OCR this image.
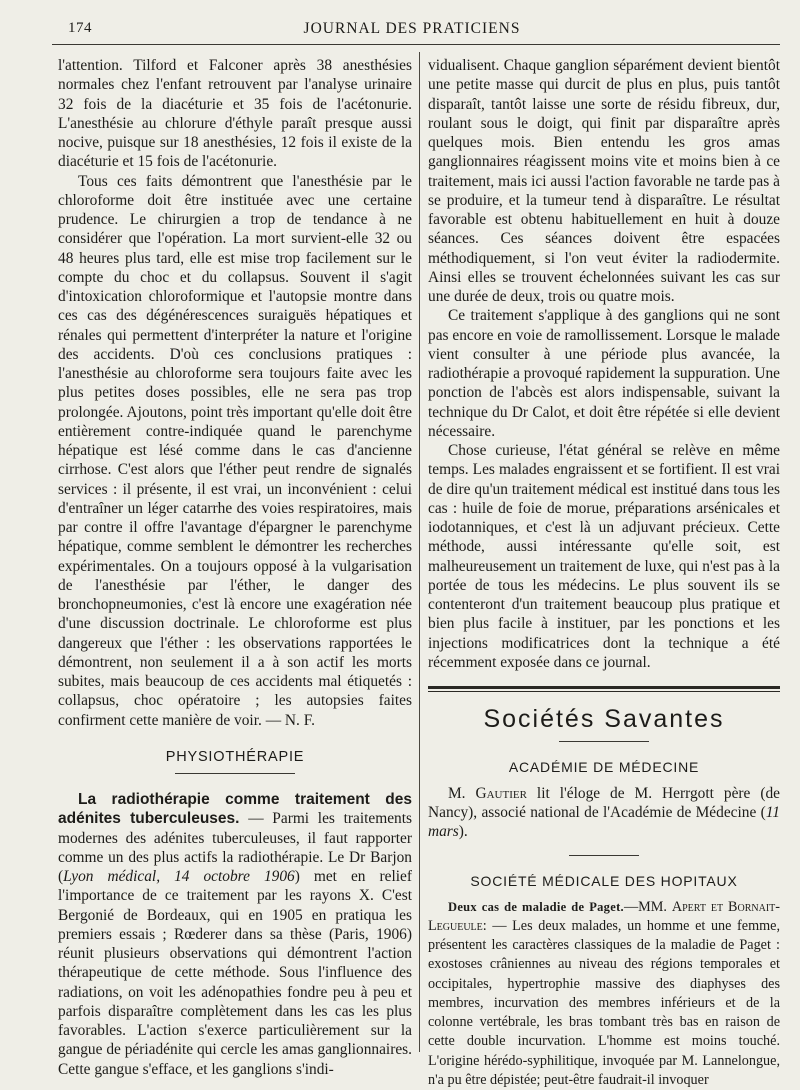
174	JOURNAL DES PRATICIENS

l'attention. Tilford et Falconer après 38 anesthésies normales chez l'enfant retrouvent par l'analyse urinaire 32 fois de la diacéturie et 35 fois de l'acétonurie. L'anesthésie au chlorure d'éthyle paraît presque aussi nocive, puisque sur 18 anesthésies, 12 fois il existe de la diacéturie et 15 fois de l'acétonurie.

Tous ces faits démontrent que l'anesthésie par le chloroforme doit être instituée avec une certaine prudence. Le chirurgien a trop de tendance à ne considérer que l'opération. La mort survient-elle 32 ou 48 heures plus tard, elle est mise trop facilement sur le compte du choc et du collapsus. Souvent il s'agit d'intoxication chloroformique et l'autopsie montre dans ces cas des dégénérescences suraiguës hépatiques et rénales qui permettent d'interpréter la nature et l'origine des accidents. D'où ces conclusions pratiques : l'anesthésie au chloroforme sera toujours faite avec les plus petites doses possibles, elle ne sera pas trop prolongée. Ajoutons, point très important qu'elle doit être entièrement contre-indiquée quand le parenchyme hépatique est lésé comme dans le cas d'ancienne cirrhose. C'est alors que l'éther peut rendre de signalés services : il présente, il est vrai, un inconvénient : celui d'entraîner un léger catarrhe des voies respiratoires, mais par contre il offre l'avantage d'épargner le parenchyme hépatique, comme semblent le démontrer les recherches expérimentales. On a toujours opposé à la vulgarisation de l'anesthésie par l'éther, le danger des bronchopneumonies, c'est là encore une exagération née d'une discussion doctrinale. Le chloroforme est plus dangereux que l'éther : les observations rapportées le démontrent, non seulement il a à son actif les morts subites, mais beaucoup de ces accidents mal étiquetés : collapsus, choc opératoire ; les autopsies faites confirment cette manière de voir. — N. F.

PHYSIOTHÉRAPIE

La radiothérapie comme traitement des adénites tuberculeuses. — Parmi les traitements modernes des adénites tuberculeuses, il faut rapporter comme un des plus actifs la radiothérapie. Le Dr Barjon (Lyon médical, 14 octobre 1906) met en relief l'importance de ce traitement par les rayons X. C'est Bergonié de Bordeaux, qui en 1905 en pratiqua les premiers essais ; Rœderer dans sa thèse (Paris, 1906) réunit plusieurs observations qui démontrent l'action thérapeutique de cette méthode. Sous l'influence des radiations, on voit les adénopathies fondre peu à peu et parfois disparaître complètement dans les cas les plus favorables. L'action s'exerce particulièrement sur la gangue de périadénite qui cercle les amas ganglionnaires. Cette gangue s'efface, et les ganglions s'indi-

vidualisent. Chaque ganglion séparément devient bientôt une petite masse qui durcit de plus en plus, puis tantôt disparaît, tantôt laisse une sorte de résidu fibreux, dur, roulant sous le doigt, qui finit par disparaître après quelques mois. Bien entendu les gros amas ganglionnaires réagissent moins vite et moins bien à ce traitement, mais ici aussi l'action favorable ne tarde pas à se produire, et la tumeur tend à disparaître. Le résultat favorable est obtenu habituellement en huit à douze séances. Ces séances doivent être espacées méthodiquement, si l'on veut éviter la radiodermite. Ainsi elles se trouvent échelonnées suivant les cas sur une durée de deux, trois ou quatre mois.

Ce traitement s'applique à des ganglions qui ne sont pas encore en voie de ramollissement. Lorsque le malade vient consulter à une période plus avancée, la radiothérapie a provoqué rapidement la suppuration. Une ponction de l'abcès est alors indispensable, suivant la technique du Dr Calot, et doit être répétée si elle devient nécessaire.

Chose curieuse, l'état général se relève en même temps. Les malades engraissent et se fortifient. Il est vrai de dire qu'un traitement médical est institué dans tous les cas : huile de foie de morue, préparations arsénicales et iodotanniques, et c'est là un adjuvant précieux. Cette méthode, aussi intéressante qu'elle soit, est malheureusement un traitement de luxe, qui n'est pas à la portée de tous les médecins. Le plus souvent ils se contenteront d'un traitement beaucoup plus pratique et bien plus facile à instituer, par les ponctions et les injections modificatrices dont la technique a été récemment exposée dans ce journal.

Sociétés Savantes
ACADÉMIE DE MÉDECINE

M. Gautier lit l'éloge de M. Herrgott père (de Nancy), associé national de l'Académie de Médecine (11 mars).

SOCIÉTÉ MÉDICALE DES HOPITAUX

Deux cas de maladie de Paget.—MM. Apert et Bornait-Legueule: — Les deux malades, un homme et une femme, présentent les caractères classiques de la maladie de Paget : exostoses crâniennes au niveau des régions temporales et occipitales, hypertrophie massive des diaphyses des membres, incurvation des membres inférieurs et de la colonne vertébrale, les bras tombant très bas en raison de cette double incurvation. L'homme est moins touché. L'origine hérédo-syphilitique, invoquée par M. Lannelongue, n'a pu être dépistée; peut-être faudrait-il invoquer
